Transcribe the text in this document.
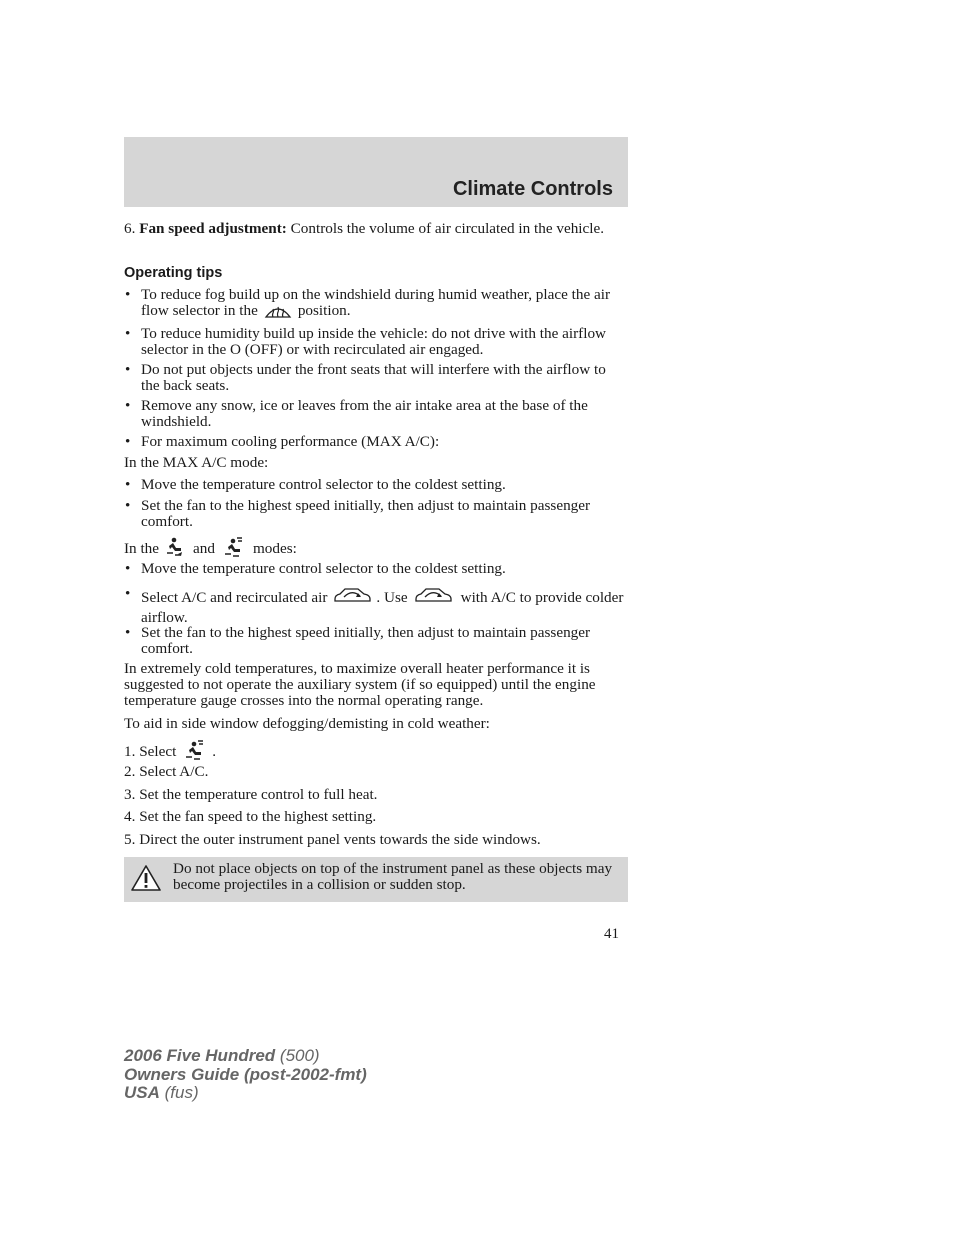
Climate Controls

6. Fan speed adjustment: Controls the volume of air circulated in the vehicle.

Operating tips

• To reduce fog build up on the windshield during humid weather, place the air flow selector in the	position.

• To reduce humidity build up inside the vehicle: do not drive with the airflow selector in the O (OFF) or with recirculated air engaged.

• Do not put objects under the front seats that will interfere with the airflow to the back seats.

• Remove any snow, ice or leaves from the air intake area at the base of the windshield.

• For maximum cooling performance (MAX A/C):

In the MAX A/C mode:

• Move the temperature control selector to the coldest setting.

• Set the fan to the highest speed initially, then adjust to maintain passenger comfort.

In the and	modes:

• Move the temperature control selector to the coldest setting.

• Select A/C and recirculated air	. Use	with A/C to provide colder airflow.

• Set the fan to the highest speed initially, then adjust to maintain passenger comfort.

In extremely cold temperatures, to maximize overall heater performance it is suggested to not operate the auxiliary system (if so equipped) until the engine temperature gauge crosses into the normal operating range.

To aid in side window defogging/demisting in cold weather:

1. Select .

2. Select A/C.

3. Set the temperature control to full heat.

4. Set the fan speed to the highest setting.

5. Direct the outer instrument panel vents towards the side windows.

Do not place objects on top of the instrument panel as these objects may become projectiles in a collision or sudden stop.

41
2006 Five Hundred (500)
Owners Guide (post-2002-fmt)
USA (fus)
